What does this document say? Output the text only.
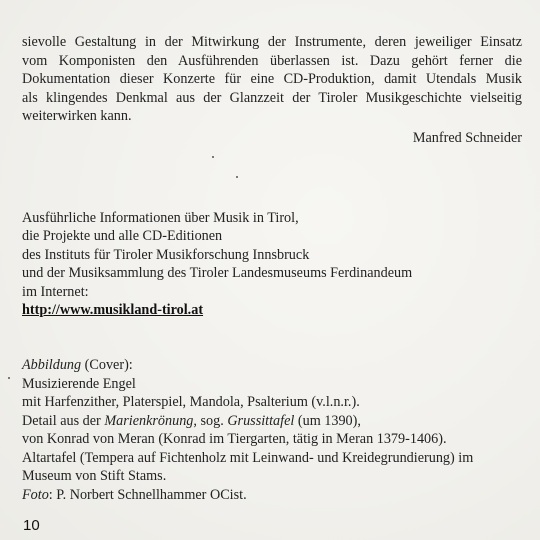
sievolle Gestaltung in der Mitwirkung der Instrumente, deren jeweiliger Einsatz
vom Komponisten den Ausführenden überlassen ist. Dazu gehört ferner die
Dokumentation dieser Konzerte für eine CD-Produktion, damit Utendals Musik
als klingendes Denkmal aus der Glanzzeit der Tiroler Musikgeschichte vielseitig
weiterwirken kann.
Manfred Schneider
Ausführliche Informationen über Musik in Tirol,
die Projekte und alle CD-Editionen
des Instituts für Tiroler Musikforschung Innsbruck
und der Musiksammlung des Tiroler Landesmuseums Ferdinandeum
im Internet:
http://www.musikland-tirol.at
Abbildung (Cover):
Musizierende Engel
mit Harfenzither, Platerspiel, Mandola, Psalterium (v.l.n.r.).
Detail aus der Marienkrönung, sog. Grussittafel (um 1390),
von Konrad von Meran (Konrad im Tiergarten, tätig in Meran 1379-1406).
Altartafel (Tempera auf Fichtenholz mit Leinwand- und Kreidegrundierung) im
Museum von Stift Stams.
Foto: P. Norbert Schnellhammer OCist.
10
